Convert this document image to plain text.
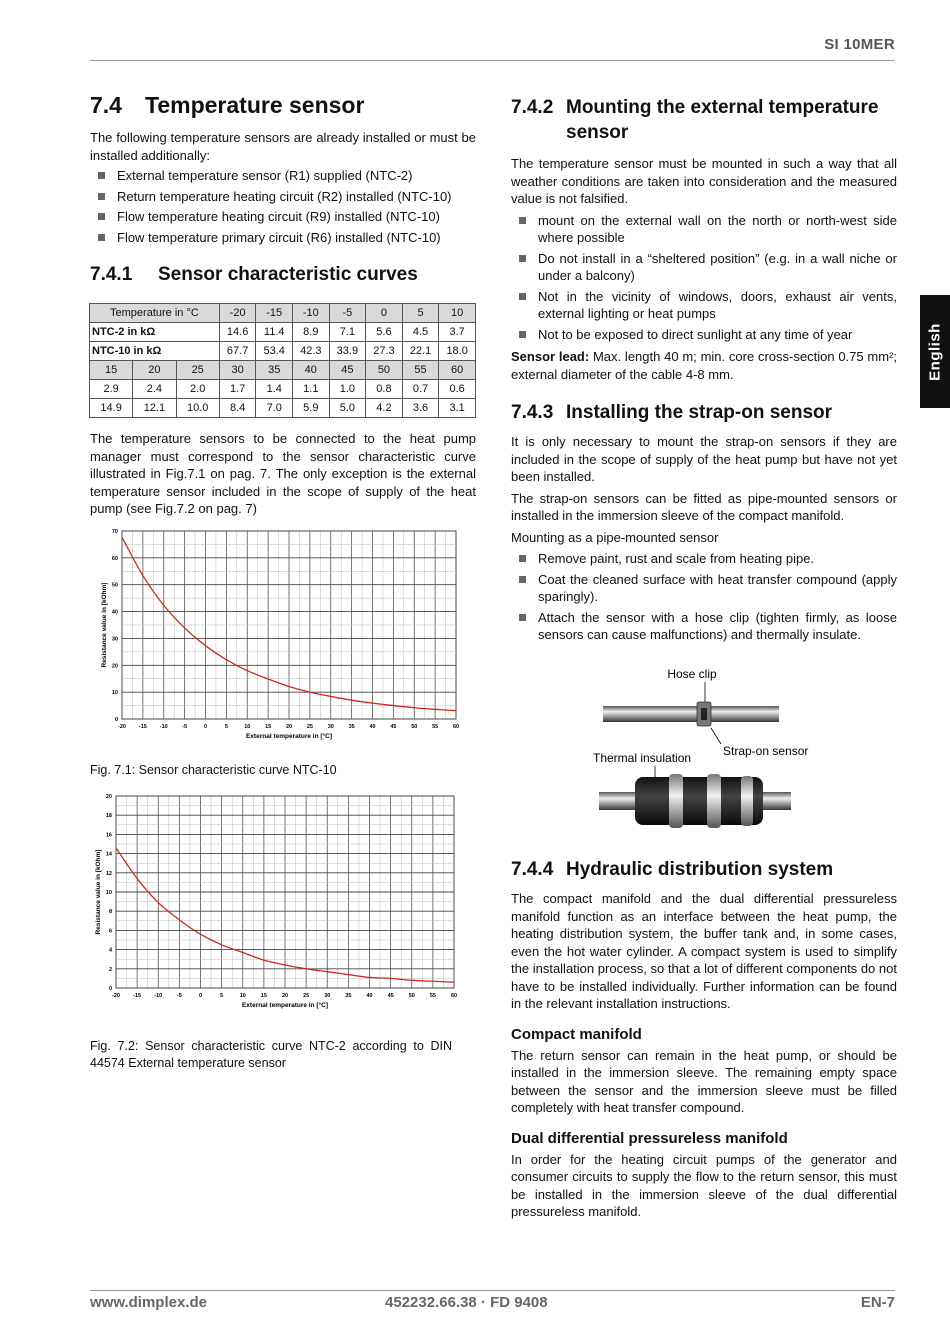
SI 10MER
English
7.4 Temperature sensor

The following temperature sensors are already installed or must be installed additionally:

External temperature sensor (R1) supplied (NTC-2)
Return temperature heating circuit (R2) installed (NTC-10)
Flow temperature heating circuit (R9) installed (NTC-10)
Flow temperature primary circuit (R6) installed (NTC-10)
7.4.1 Sensor characteristic curves
Temperature in °C			-20	-15	-10	-5	0	5	10
NTC-2 in kΩ			14.6	11.4	8.9	7.1	5.6	4.5	3.7
NTC-10 in kΩ			67.7	53.4	42.3	33.9	27.3	22.1	18.0
15	20	25	30	35	40	45	50	55	60
2.9	2.4	2.0	1.7	1.4	1.1	1.0	0.8	0.7	0.6
14.9	12.1	10.0	8.4	7.0	5.9	5.0	4.2	3.6	3.1

The temperature sensors to be connected to the heat pump manager must correspond to the sensor characteristic curve illustrated in Fig.7.1 on pag. 7. The only exception is the external temperature sensor included in the scope of supply of the heat pump (see Fig.7.2 on pag. 7)

0
10
20
30
40
50
60
70
-20 -15 -10	-5	0	5	10	15	20	25	30	35	40	45	50	55	60
Resistance value in [kOhm]
External temperature in [°C]
Fig. 7.1: Sensor characteristic curve NTC-10
0
2
4
6
8
10
12
14
16
18
20
-20 -15 -10	-5	0	5	10	15	20	25	30	35	40	45	50	55	60
Resistance value in [kOhm]
External temperature in [°C]
Fig. 7.2: Sensor characteristic curve NTC-2 according to DIN 44574 External temperature sensor
7.4.2 Mounting the external temperature
sensor

The temperature sensor must be mounted in such a way that all weather conditions are taken into consideration and the measured value is not falsified.

mount on the external wall on the north or north-west side where possible
Do not install in a “sheltered position” (e.g. in a wall niche or under a balcony)
Not in the vicinity of windows, doors, exhaust air vents, external lighting or heat pumps
Not to be exposed to direct sunlight at any time of year

Sensor lead: Max. length 40 m; min. core cross-section 0.75 mm²; external diameter of the cable 4-8 mm.

7.4.3 Installing the strap-on sensor

It is only necessary to mount the strap-on sensors if they are included in the scope of supply of the heat pump but have not yet been installed.

The strap-on sensors can be fitted as pipe-mounted sensors or installed in the immersion sleeve of the compact manifold.

Mounting as a pipe-mounted sensor

Remove paint, rust and scale from heating pipe.
Coat the cleaned surface with heat transfer compound (apply sparingly).
Attach the sensor with a hose clip (tighten firmly, as loose sensors can cause malfunctions) and thermally insulate.
Hose clip
Thermal insulation	Strap-on sensor
7.4.4 Hydraulic distribution system

The compact manifold and the dual differential pressureless manifold function as an interface between the heat pump, the heating distribution system, the buffer tank and, in some cases, even the hot water cylinder. A compact system is used to simplify the installation process, so that a lot of different components do not have to be installed individually. Further information can be found in the relevant installation instructions.

Compact manifold

The return sensor can remain in the heat pump, or should be installed in the immersion sleeve. The remaining empty space between the sensor and the immersion sleeve must be filled completely with heat transfer compound.

Dual differential pressureless manifold

In order for the heating circuit pumps of the generator and consumer circuits to supply the flow to the return sensor, this must be installed in the immersion sleeve of the dual differential pressureless manifold.

www.dimplex.de	452232.66.38 · FD 9408	EN-7
